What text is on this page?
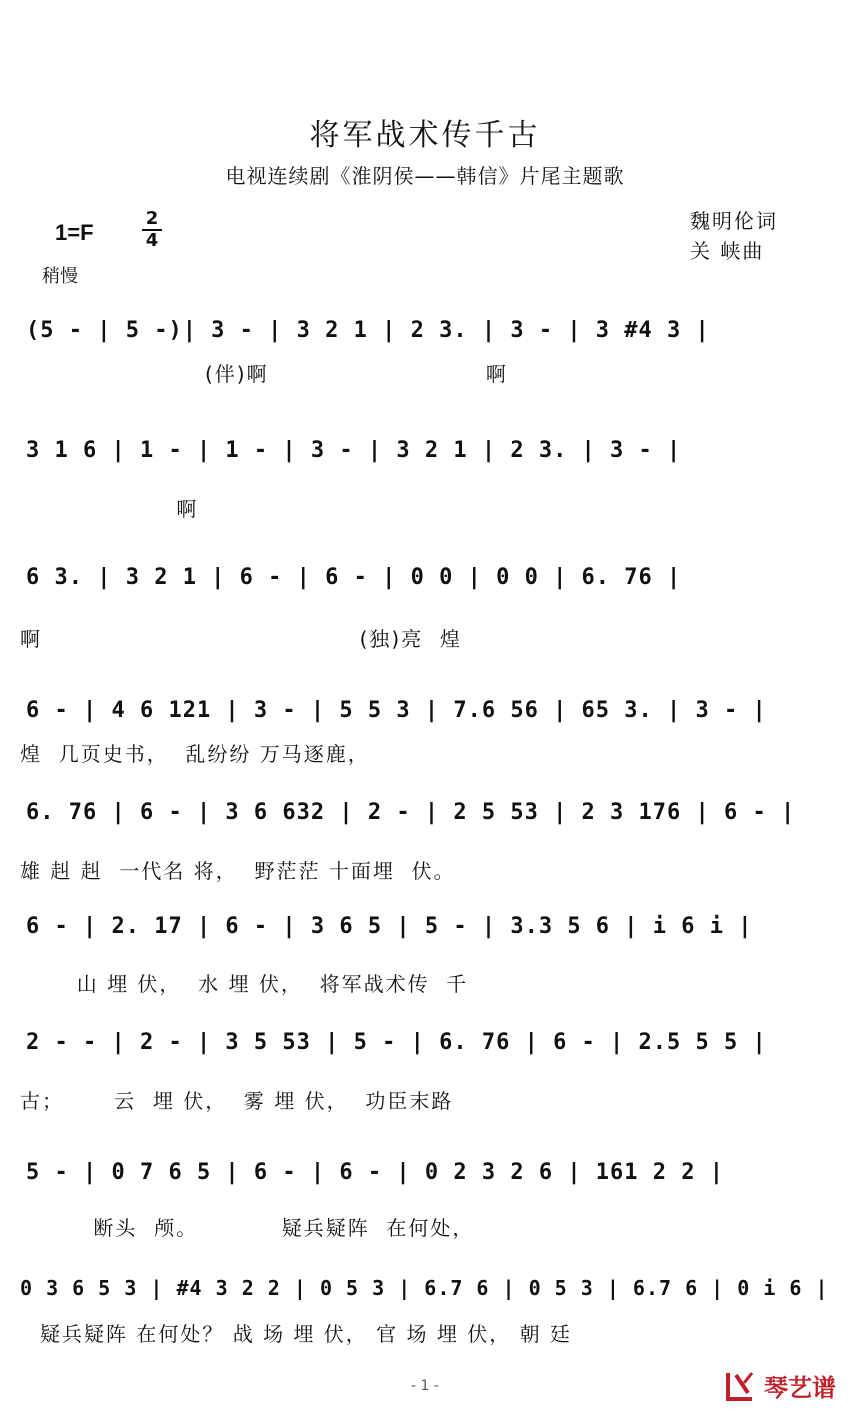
将军战术传千古
电视连续剧《淮阴侯——韩信》片尾主题歌
魏明伦词
关 峡曲
1=F
2
4
稍慢
(5 - | 5 -)| 3 - | 3 2 1 | 2 3. | 3 - | 3 #4 3 |
(伴)啊                          啊
3 1 6 | 1 - | 1 - | 3 - | 3 2 1 | 2 3. | 3 - |
啊
6 3. | 3 2 1 | 6 - | 6 - | 0 0 | 0 0 | 6. 76 |
啊                                      (独)亮  煌
6 - | 4 6 121 | 3 - | 5 5 3 | 7.6 56 | 65 3. | 3 - |
煌  几页史书，  乱纷纷 万马逐鹿，
6. 76 | 6 - | 3 6 632 | 2 - | 2 5 53 | 2 3 176 | 6 - |
雄 赳 赳  一代名 将，  野茫茫 十面埋  伏。
6 - | 2. 17 | 6 - | 3 6 5 | 5 - | 3.3 5 6 | i 6 i |
山 埋 伏，  水 埋 伏，  将军战术传  千
2 - - | 2 - | 3 5 53 | 5 - | 6. 76 | 6 - | 2.5 5 5 |
古；      云  埋 伏，  雾 埋 伏，  功臣末路
5 - | 0 7 6 5 | 6 - | 6 - | 0 2 3 2 6 | 161 2 2 |
断头  颅。          疑兵疑阵  在何处，
0 3 6 5 3 | #4 3 2 2 | 0 5 3 | 6.7 6 | 0 5 3 | 6.7 6 | 0 i 6 |
疑兵疑阵 在何处？ 战 场 埋 伏， 官 场 埋 伏， 朝 廷
- 1 -	琴艺谱
